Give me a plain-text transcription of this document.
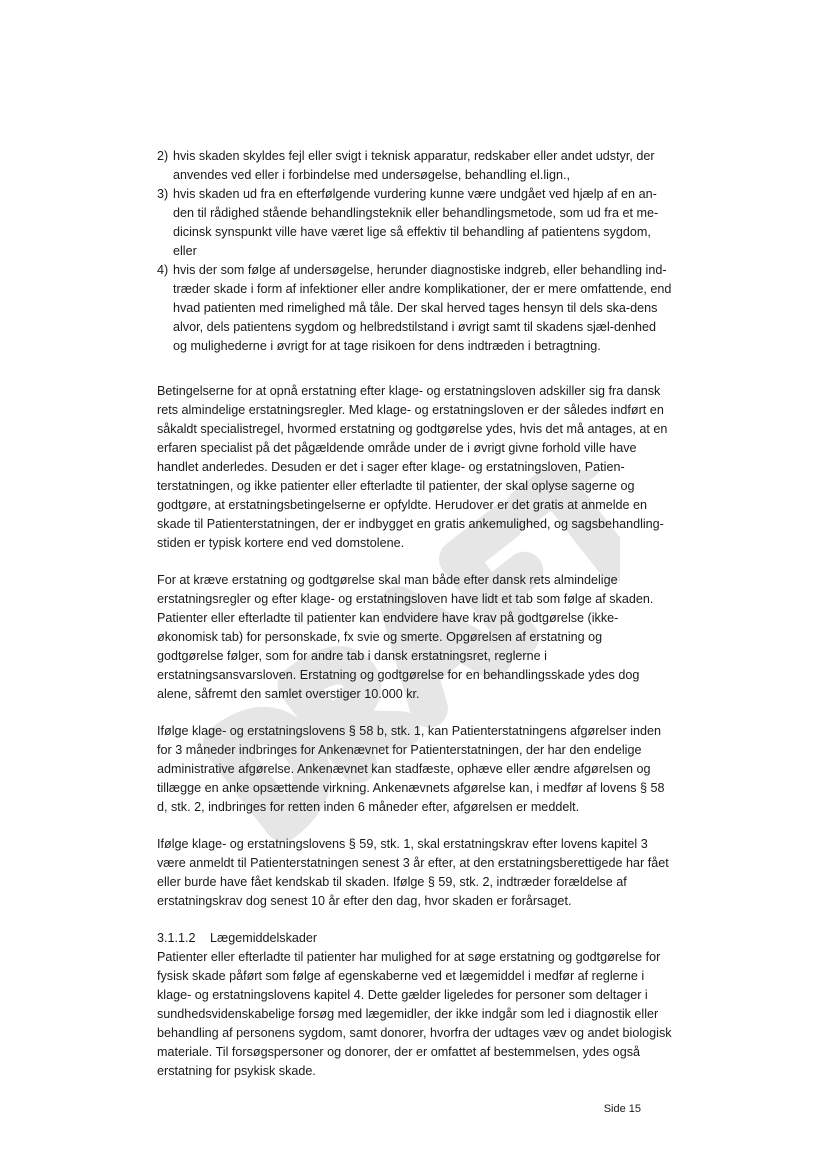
2) hvis skaden skyldes fejl eller svigt i teknisk apparatur, redskaber eller andet udstyr, der anvendes ved eller i forbindelse med undersøgelse, behandling el.lign.,
3) hvis skaden ud fra en efterfølgende vurdering kunne være undgået ved hjælp af en an-den til rådighed stående behandlingsteknik eller behandlingsmetode, som ud fra et me-dicinsk synspunkt ville have været lige så effektiv til behandling af patientens sygdom, eller
4) hvis der som følge af undersøgelse, herunder diagnostiske indgreb, eller behandling ind-træder skade i form af infektioner eller andre komplikationer, der er mere omfattende, end hvad patienten med rimelighed må tåle. Der skal herved tages hensyn til dels ska-dens alvor, dels patientens sygdom og helbredstilstand i øvrigt samt til skadens sjæl-denhed og mulighederne i øvrigt for at tage risikoen for dens indtræden i betragtning.

Betingelserne for at opnå erstatning efter klage- og erstatningsloven adskiller sig fra dansk rets almindelige erstatningsregler. Med klage- og erstatningsloven er der således indført en såkaldt specialistregel, hvormed erstatning og godtgørelse ydes, hvis det må antages, at en erfaren specialist på det pågældende område under de i øvrigt givne forhold ville have handlet anderledes. Desuden er det i sager efter klage- og erstatningsloven, Patien-terstatningen, og ikke patienter eller efterladte til patienter, der skal oplyse sagerne og godtgøre, at erstatningsbetingelserne er opfyldte. Herudover er det gratis at anmelde en skade til Patienterstatningen, der er indbygget en gratis ankemulighed, og sagsbehandling-stiden er typisk kortere end ved domstolene.

For at kræve erstatning og godtgørelse skal man både efter dansk rets almindelige erstatningsregler og efter klage- og erstatningsloven have lidt et tab som følge af skaden. Patienter eller efterladte til patienter kan endvidere have krav på godtgørelse (ikke-økonomisk tab) for personskade, fx svie og smerte. Opgørelsen af erstatning og godtgørelse følger, som for andre tab i dansk erstatningsret, reglerne i erstatningsansvarsloven. Erstatning og godtgørelse for en behandlingsskade ydes dog alene, såfremt den samlet overstiger 10.000 kr.

Ifølge klage- og erstatningslovens § 58 b, stk. 1, kan Patienterstatningens afgørelser inden for 3 måneder indbringes for Ankenævnet for Patienterstatningen, der har den endelige administrative afgørelse. Ankenævnet kan stadfæste, ophæve eller ændre afgørelsen og tillægge en anke opsættende virkning. Ankenævnets afgørelse kan, i medfør af lovens § 58 d, stk. 2, indbringes for retten inden 6 måneder efter, afgørelsen er meddelt.

Ifølge klage- og erstatningslovens § 59, stk. 1, skal erstatningskrav efter lovens kapitel 3 være anmeldt til Patienterstatningen senest 3 år efter, at den erstatningsberettigede har fået eller burde have fået kendskab til skaden. Ifølge § 59, stk. 2, indtræder forældelse af erstatningskrav dog senest 10 år efter den dag, hvor skaden er forårsaget.

3.1.1.2 Lægemiddelskader

Patienter eller efterladte til patienter har mulighed for at søge erstatning og godtgørelse for fysisk skade påført som følge af egenskaberne ved et lægemiddel i medfør af reglerne i klage- og erstatningslovens kapitel 4. Dette gælder ligeledes for personer som deltager i sundhedsvidenskabelige forsøg med lægemidler, der ikke indgår som led i diagnostik eller behandling af personens sygdom, samt donorer, hvorfra der udtages væv og andet biologisk materiale. Til forsøgspersoner og donorer, der er omfattet af bestemmelsen, ydes også erstatning for psykisk skade.

Side 15
